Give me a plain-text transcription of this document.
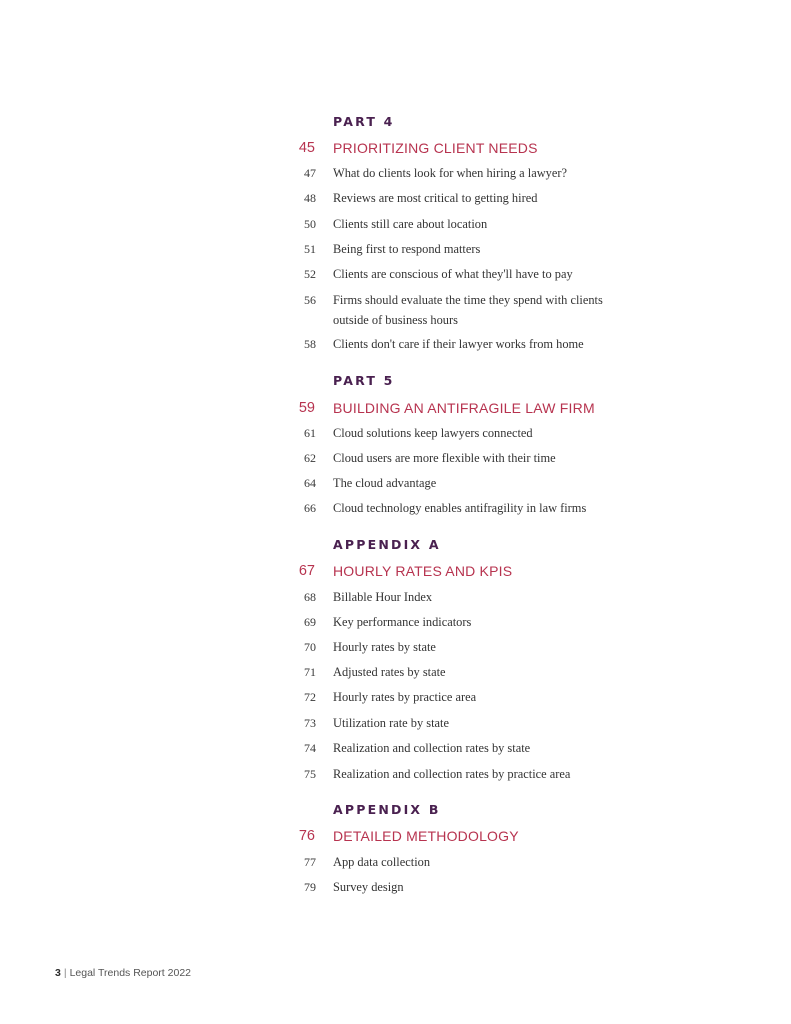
PART 4
45 PRIORITIZING CLIENT NEEDS
47 What do clients look for when hiring a lawyer?
48 Reviews are most critical to getting hired
50 Clients still care about location
51 Being first to respond matters
52 Clients are conscious of what they'll have to pay
56 Firms should evaluate the time they spend with clients outside of business hours
58 Clients don't care if their lawyer works from home
PART 5
59 BUILDING AN ANTIFRAGILE LAW FIRM
61 Cloud solutions keep lawyers connected
62 Cloud users are more flexible with their time
64 The cloud advantage
66 Cloud technology enables antifragility in law firms
APPENDIX A
67 HOURLY RATES AND KPIS
68 Billable Hour Index
69 Key performance indicators
70 Hourly rates by state
71 Adjusted rates by state
72 Hourly rates by practice area
73 Utilization rate by state
74 Realization and collection rates by state
75 Realization and collection rates by practice area
APPENDIX B
76 DETAILED METHODOLOGY
77 App data collection
79 Survey design
3 | Legal Trends Report 2022
